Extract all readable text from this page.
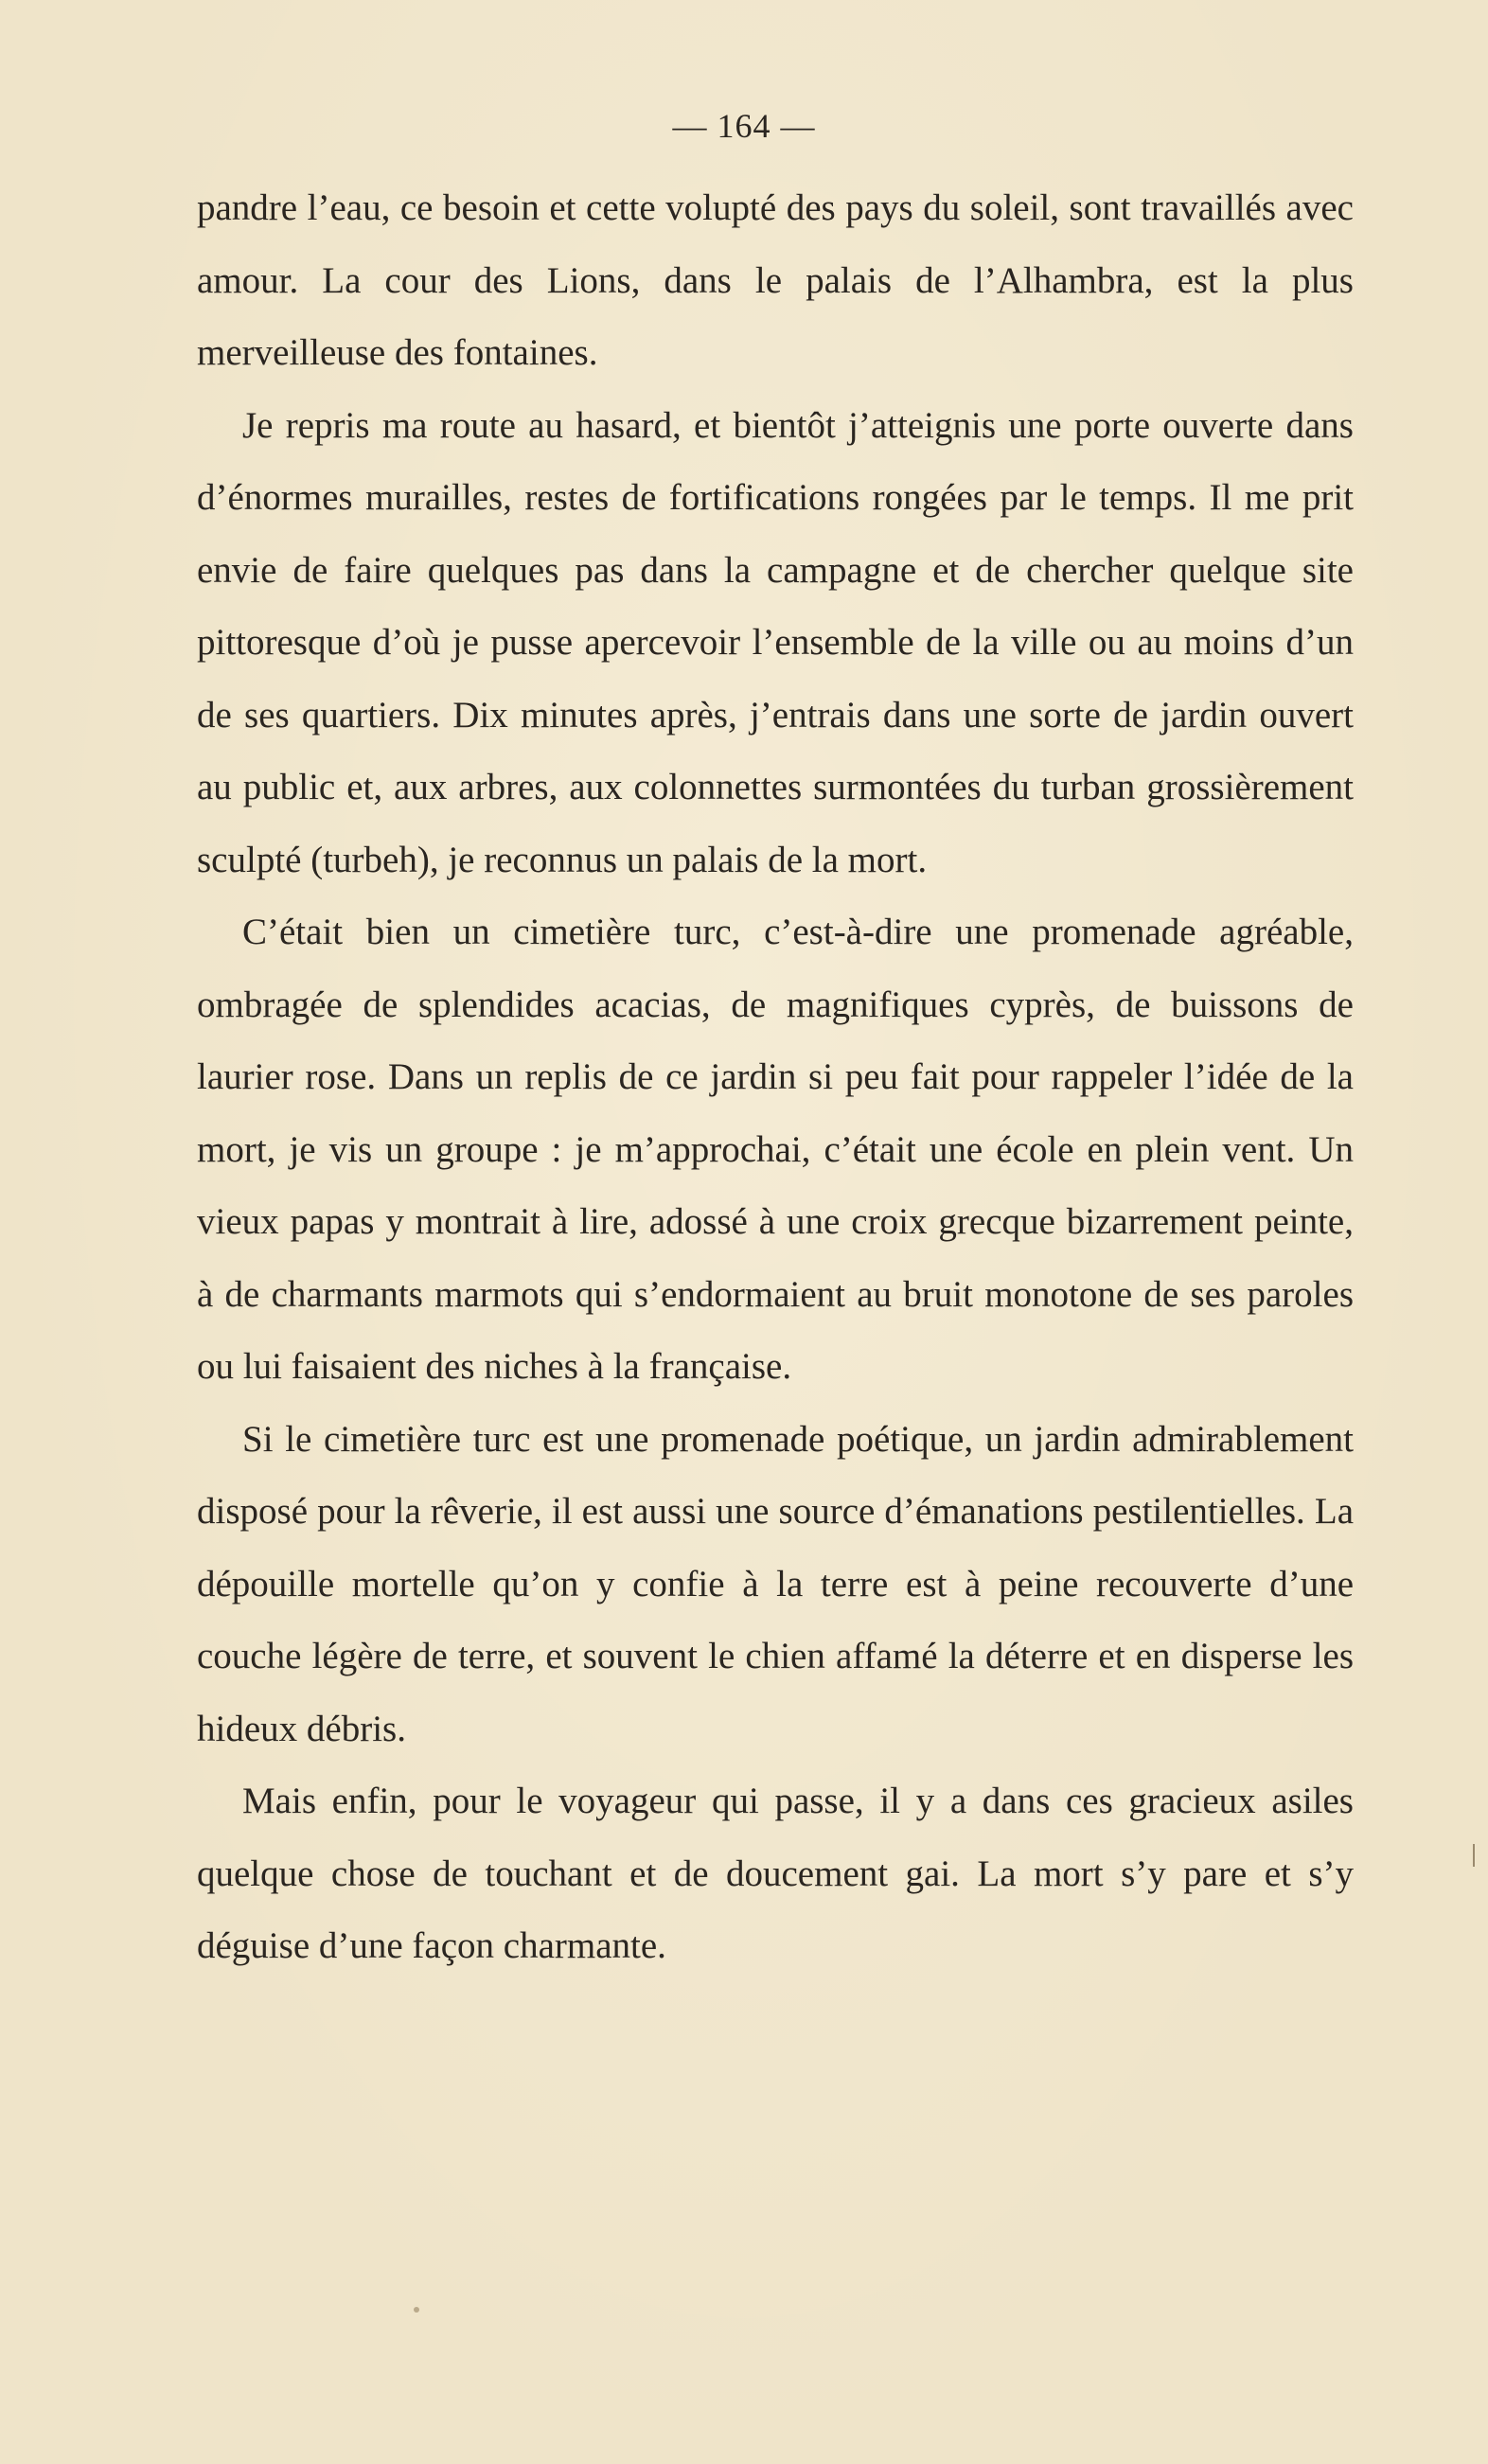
— 164 —

pandre l’eau, ce besoin et cette volupté des pays du soleil, sont travaillés avec amour. La cour des Lions, dans le palais de l’Alhambra, est la plus merveilleuse des fontaines.

Je repris ma route au hasard, et bientôt j’atteignis une porte ouverte dans d’énormes murailles, restes de fortifications rongées par le temps. Il me prit envie de faire quelques pas dans la campagne et de chercher quelque site pittoresque d’où je pusse apercevoir l’ensemble de la ville ou au moins d’un de ses quartiers. Dix minutes après, j’entrais dans une sorte de jardin ouvert au public et, aux arbres, aux colonnettes surmontées du turban grossièrement sculpté (turbeh), je reconnus un palais de la mort.

C’était bien un cimetière turc, c’est-à-dire une promenade agréable, ombragée de splendides acacias, de magnifiques cyprès, de buissons de laurier rose. Dans un replis de ce jardin si peu fait pour rappeler l’idée de la mort, je vis un groupe : je m’approchai, c’était une école en plein vent. Un vieux papas y montrait à lire, adossé à une croix grecque bizarrement peinte, à de charmants marmots qui s’endormaient au bruit monotone de ses paroles ou lui faisaient des niches à la française.

Si le cimetière turc est une promenade poétique, un jardin admirablement disposé pour la rêverie, il est aussi une source d’émanations pestilentielles. La dépouille mortelle qu’on y confie à la terre est à peine recouverte d’une couche légère de terre, et souvent le chien affamé la déterre et en disperse les hideux débris.

Mais enfin, pour le voyageur qui passe, il y a dans ces gracieux asiles quelque chose de touchant et de doucement gai. La mort s’y pare et s’y déguise d’une façon charmante.
